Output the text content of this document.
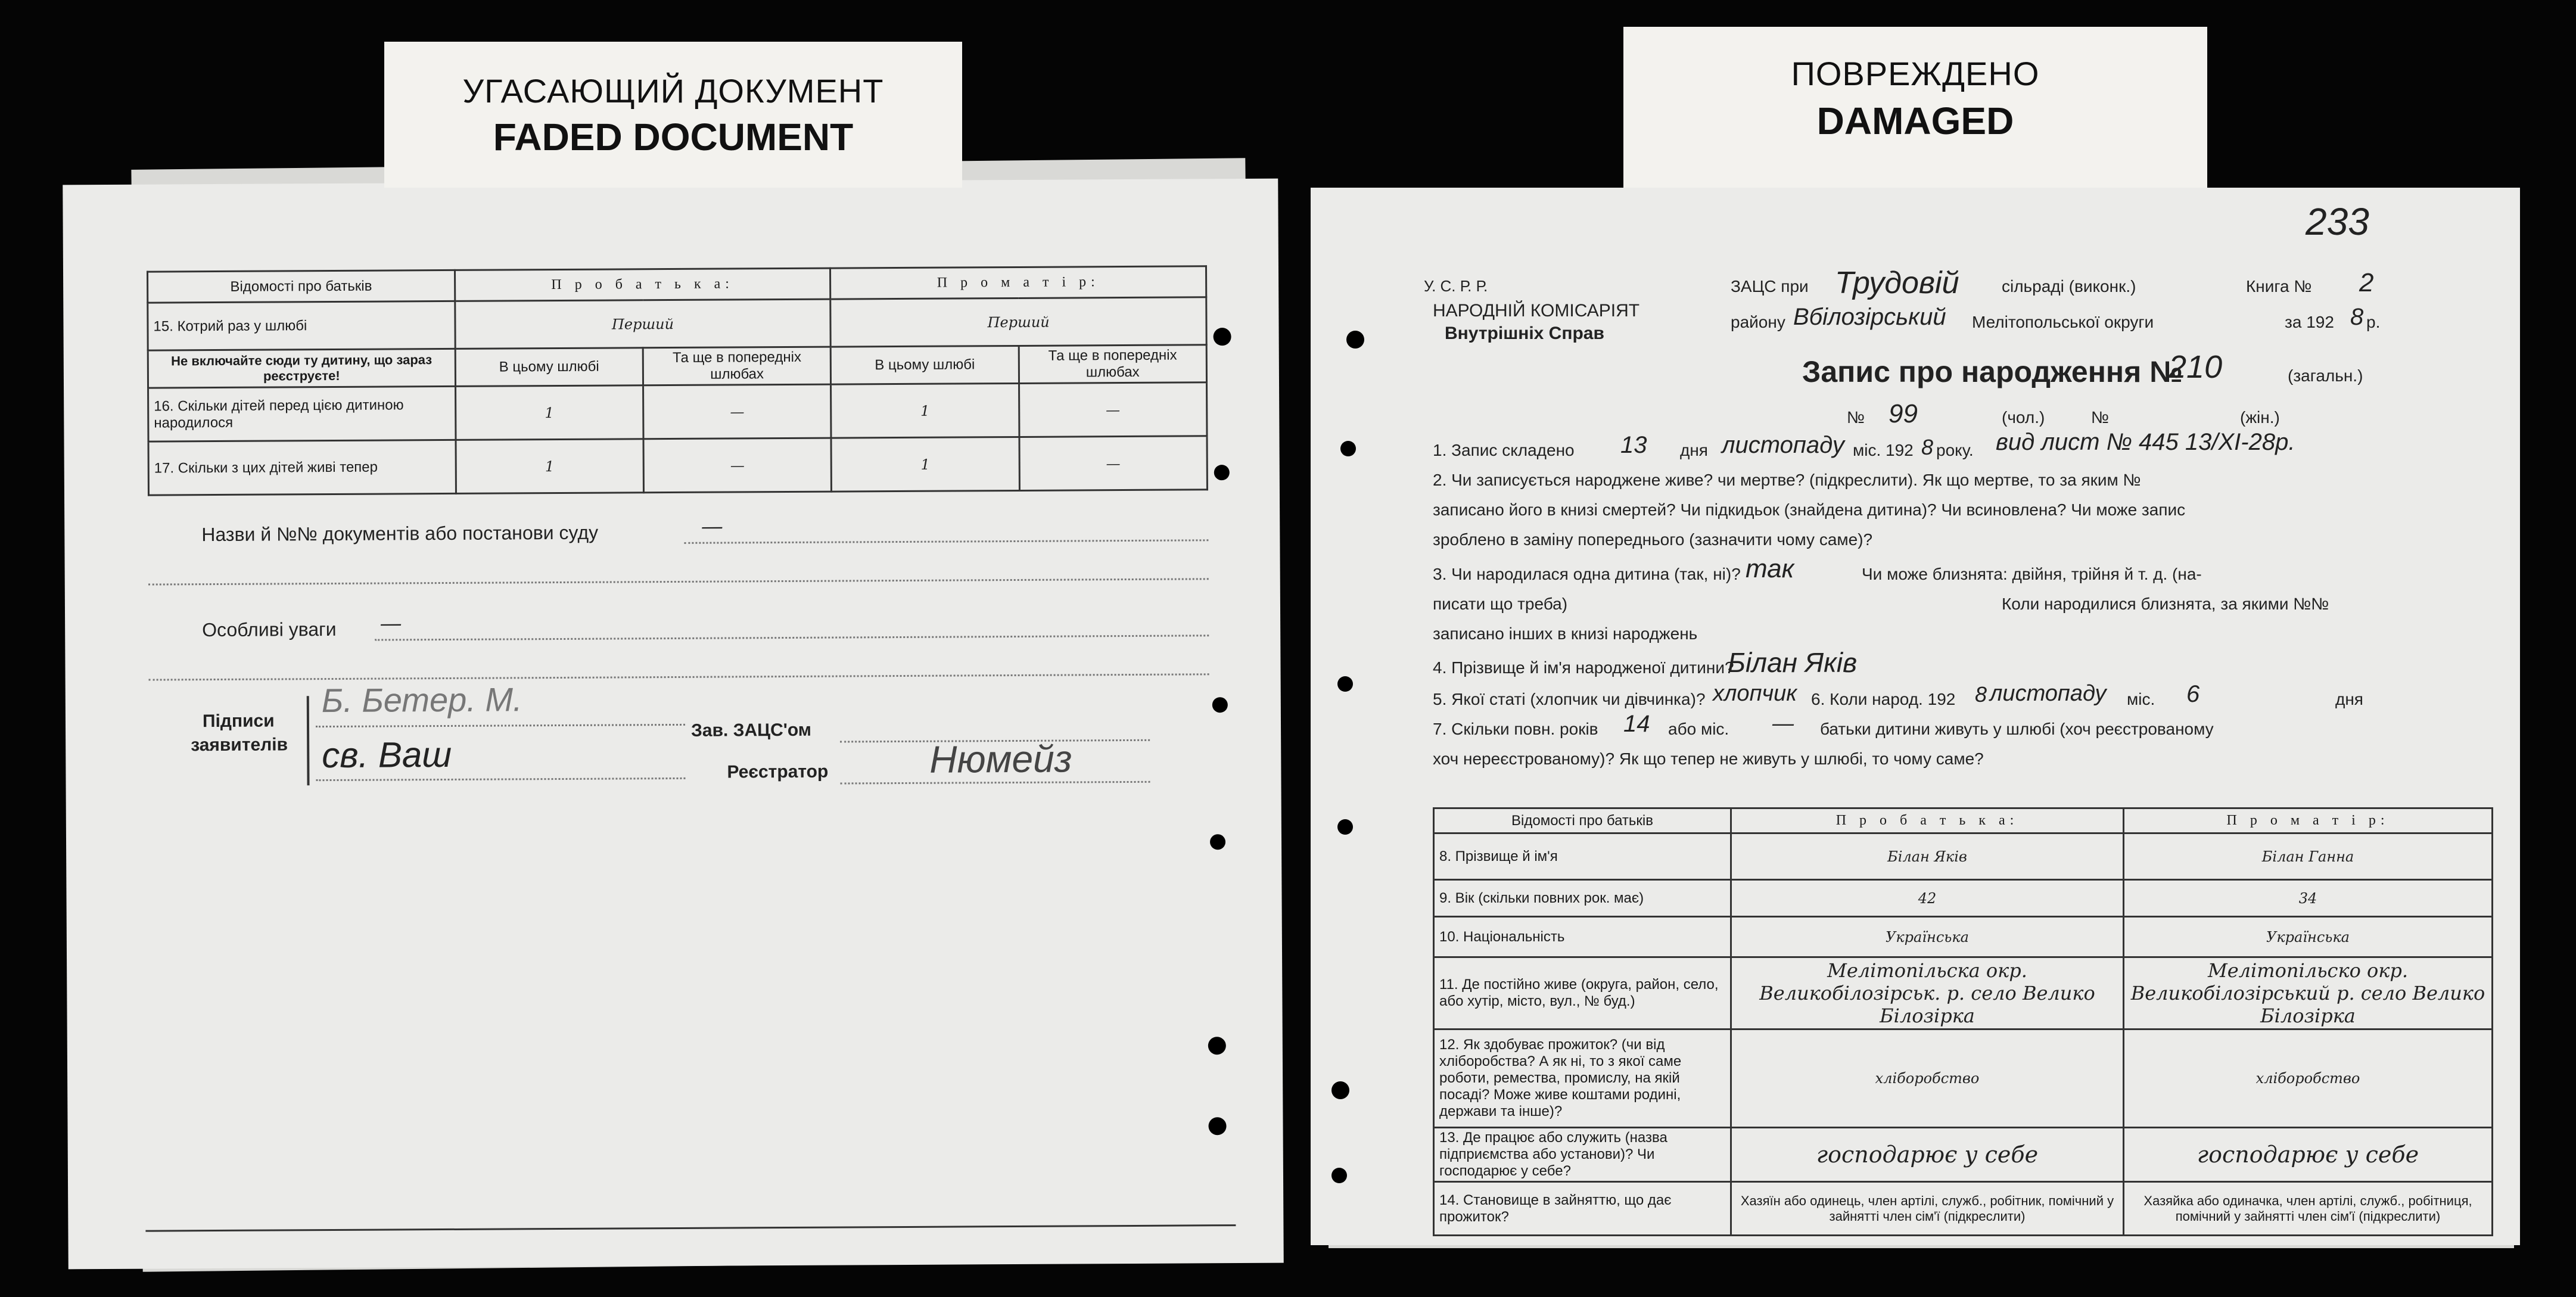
Відомості про батьків	П р о б а т ь к а:		П р о м а т і р:	
15. Котрий раз у шлюбі	Перший		Перший	
Не включайте сюди ту дитину, що зараз реєструєте!	В цьому шлюбі	Та ще в попередніх шлюбах	В цьому шлюбі	Та ще в попередніх шлюбах
16. Скільки дітей перед цією дитиною народилося	1	—	1	—
17. Скільки з цих дітей живі тепер	1	—	1	—
Назви й №№ документів або постанови суду	—
Особливі уваги —
Підписи
заявителів
Б. Бетер. М.
св. Ваш
Зав. ЗАЦС'ом
Реєстратор	Нюмейз
233
У. С. Р. Р.
НАРОДНІЙ КОМІСАРІЯТ
Внутрішніх Справ
ЗАЦС при Трудовій	сільраді (виконк.)	Книга № 2
району Вбілозірський Мелітопольської округи	за 192 8 р.
Запис про народження №
210	(загальн.)
№ 99	(чол.)	№	(жін.)
1. Запис складено 13 дня листопаду міс. 192 8 року. вид лист № 445 13/ХІ-28р.
2. Чи записується народжене живе? чи мертве? (підкреслити). Як що мертве, то за яким №
записано його в книзі смертей? Чи підкидьок (знайдена дитина)? Чи всиновлена? Чи може запис
зроблено в заміну попереднього (зазначити чому саме)?
3. Чи народилася одна дитина (так, ні)? так	Чи може близнята: двійня, трійня й т. д. (на-
писати що треба)	Коли народилися близнята, за якими №№
записано інших в книзі народжень
4. Прізвище й ім'я народженої дитини?
Білан Яків
5. Якої статі (хлопчик чи дівчинка)? хлопчик 6. Коли народ. 192 8 листопаду міс. 6	дня
7. Скільки повн. років 14 або міс. — батьки дитини живуть у шлюбі (хоч реєстрованому
хоч нереєстрованому)? Як що тепер не живуть у шлюбі, то чому саме?
Відомості про батьків	П р о б а т ь к а:	П р о м а т і р:
8. Прізвище й ім'я	Білан Яків	Білан Ганна
9. Вік (скільки повних рок. має)	42	34
10. Національність	Українська	Українська
11. Де постійно живе (округа, район, село, або хутір, місто, вул., № буд.)	Мелітопільска окр. Великобілозірськ. р. село Велико Білозірка	Мелітопільско окр. Великобілозірський р. село Велико Білозірка
12. Як здобуває прожиток? (чи від хліборобства? А як ні, то з якої саме роботи, ремества, промислу, на якій посаді? Може живе коштами родині, держави та інше)?	хліборобство	хліборобство
13. Де працює або служить (назва підприємства або установи)? Чи господарює у себе?	господарює у себе	господарює у себе
14. Становище в зайняттю, що дає прожиток?	Хазяїн або одинець, член артілі, служб., робітник, помічний у зайнятті член сім'ї (підкреслити)	Хазяйка або одиначка, член артілі, служб., робітниця, помічний у зайнятті член сім'ї (підкреслити)
УГАСАЮЩИЙ ДОКУМЕНТ
FADED DOCUMENT
ПОВРЕЖДЕНО
DAMAGED
